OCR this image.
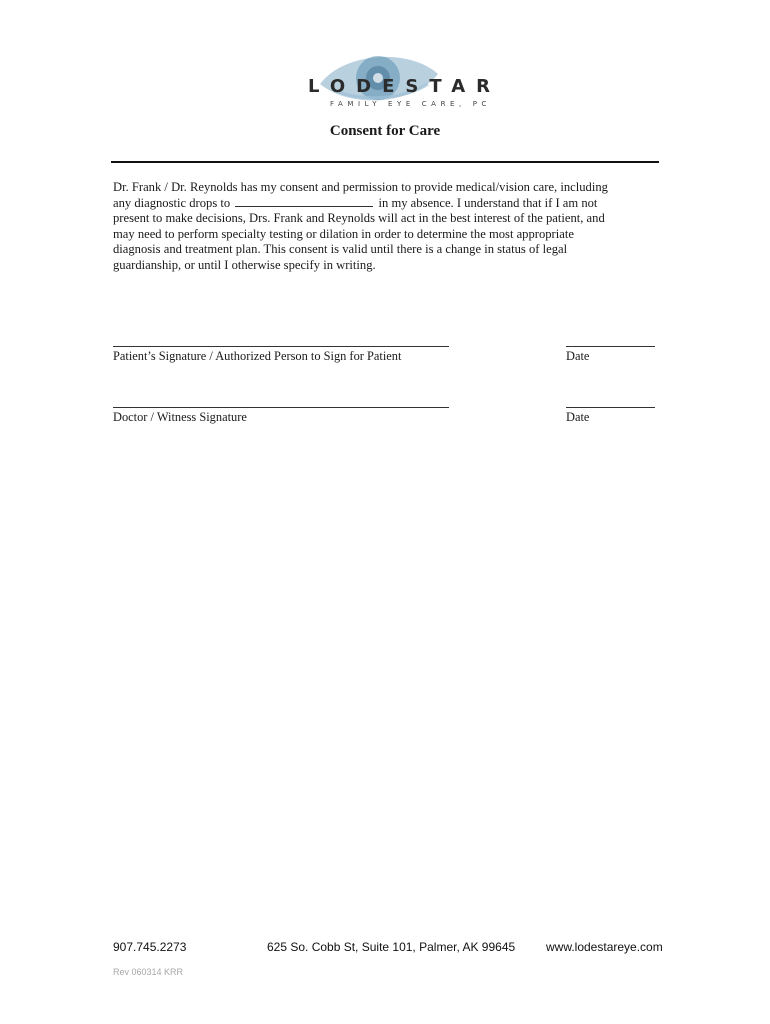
LODESTAR
FAMILY EYE CARE, PC
Consent for Care
Dr. Frank / Dr. Reynolds has my consent and permission to provide medical/vision care, including
any diagnostic drops to	in my absence. I understand that if I am not
present to make decisions, Drs. Frank and Reynolds will act in the best interest of the patient, and
may need to perform specialty testing or dilation in order to determine the most appropriate
diagnosis and treatment plan. This consent is valid until there is a change in status of legal
guardianship, or until I otherwise specify in writing.
Patient’s Signature / Authorized Person to Sign for Patient	Date
Doctor / Witness Signature	Date
907.745.2273	625 So. Cobb St, Suite 101, Palmer, AK 99645	www.lodestareye.com
Rev 060314 KRR
